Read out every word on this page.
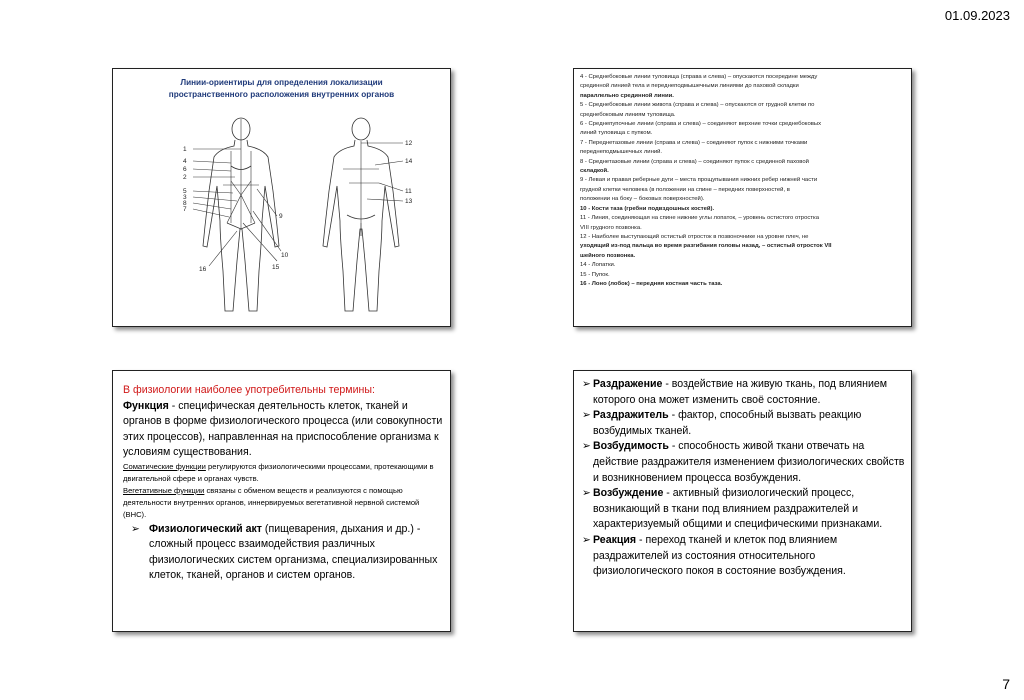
01.09.2023
Линии-ориентиры для определения локализации
пространственного расположения внутренних органов
1
4
6
2
5
3
8
7
9
10
15
16
12
14
11
13

4 - Среднебоковые линии туловища (справа и слева) – опускаются посередине между

срединной линией тела и переднеподмышечными линиями до паховой складки

параллельно срединной линии.

5 - Среднебоковые линии живота (справа и слева) – опускаются от грудной клетки по

среднебоковым линиям туловища.

6 - Среднепупочные линии (справа и слева) – соединяют верхние точки среднебоковых

линий туловища с пупком.

7 - Переднетазовые линии (справа и слева) – соединяют пупок с нижними точками

переднеподмышечных линий.

8 - Среднетазовые линии (справа и слева) – соединяют пупок с срединной паховой

складкой.

9 - Левая и правая реберные дуги – места прощупывания нижних ребер нижней части

грудной клетки человека (в положении на спине – передних поверхностей, в

положении на боку – боковых поверхностей).

10 - Кости таза (гребни подвздошных костей).

11 - Линия, соединяющая на спине нижние углы лопаток, – уровень остистого отростка

VIII грудного позвонка.

12 - Наиболее выступающий остистый отросток в позвоночнике на уровне плеч, не

уходящий из-под пальца во время разгибания головы назад, – остистый отросток VII

шейного позвонка.

14 - Лопатки.

15 - Пупок.

16 - Лоно (лобок) – передняя костная часть таза.

В физиологии наиболее употребительны термины:

Функция - специфическая деятельность клеток, тканей и органов в форме физиологического процесса (или совокупности этих процессов), направленная на приспособление организма к условиям существования.

Соматические функции регулируются физиологическими процессами, протекающими в двигательной сфере и органах чувств.

Вегетативные функции связаны с обменом веществ и реализуются с помощью деятельности внутренних органов, иннервируемых вегетативной нервной системой (ВНС).

➢ Физиологический акт (пищеварения, дыхания и др.) - сложный процесс взаимодействия различных физиологических систем организма, специализированных клеток, тканей, органов и систем органов.

➢ Раздражение - воздействие на живую ткань, под влиянием которого она может изменить своё состояние.

➢ Раздражитель - фактор, способный вызвать реакцию возбудимых тканей.

➢ Возбудимость - способность живой ткани отвечать на действие раздражителя изменением физиологических свойств и возникновением процесса возбуждения.

➢ Возбуждение - активный физиологический процесс, возникающий в ткани под влиянием раздражителей и характеризуемый общими и специфическими признаками.

➢ Реакция - переход тканей и клеток под влиянием раздражителей из состояния относительного физиологического покоя в состояние возбуждения.

7
